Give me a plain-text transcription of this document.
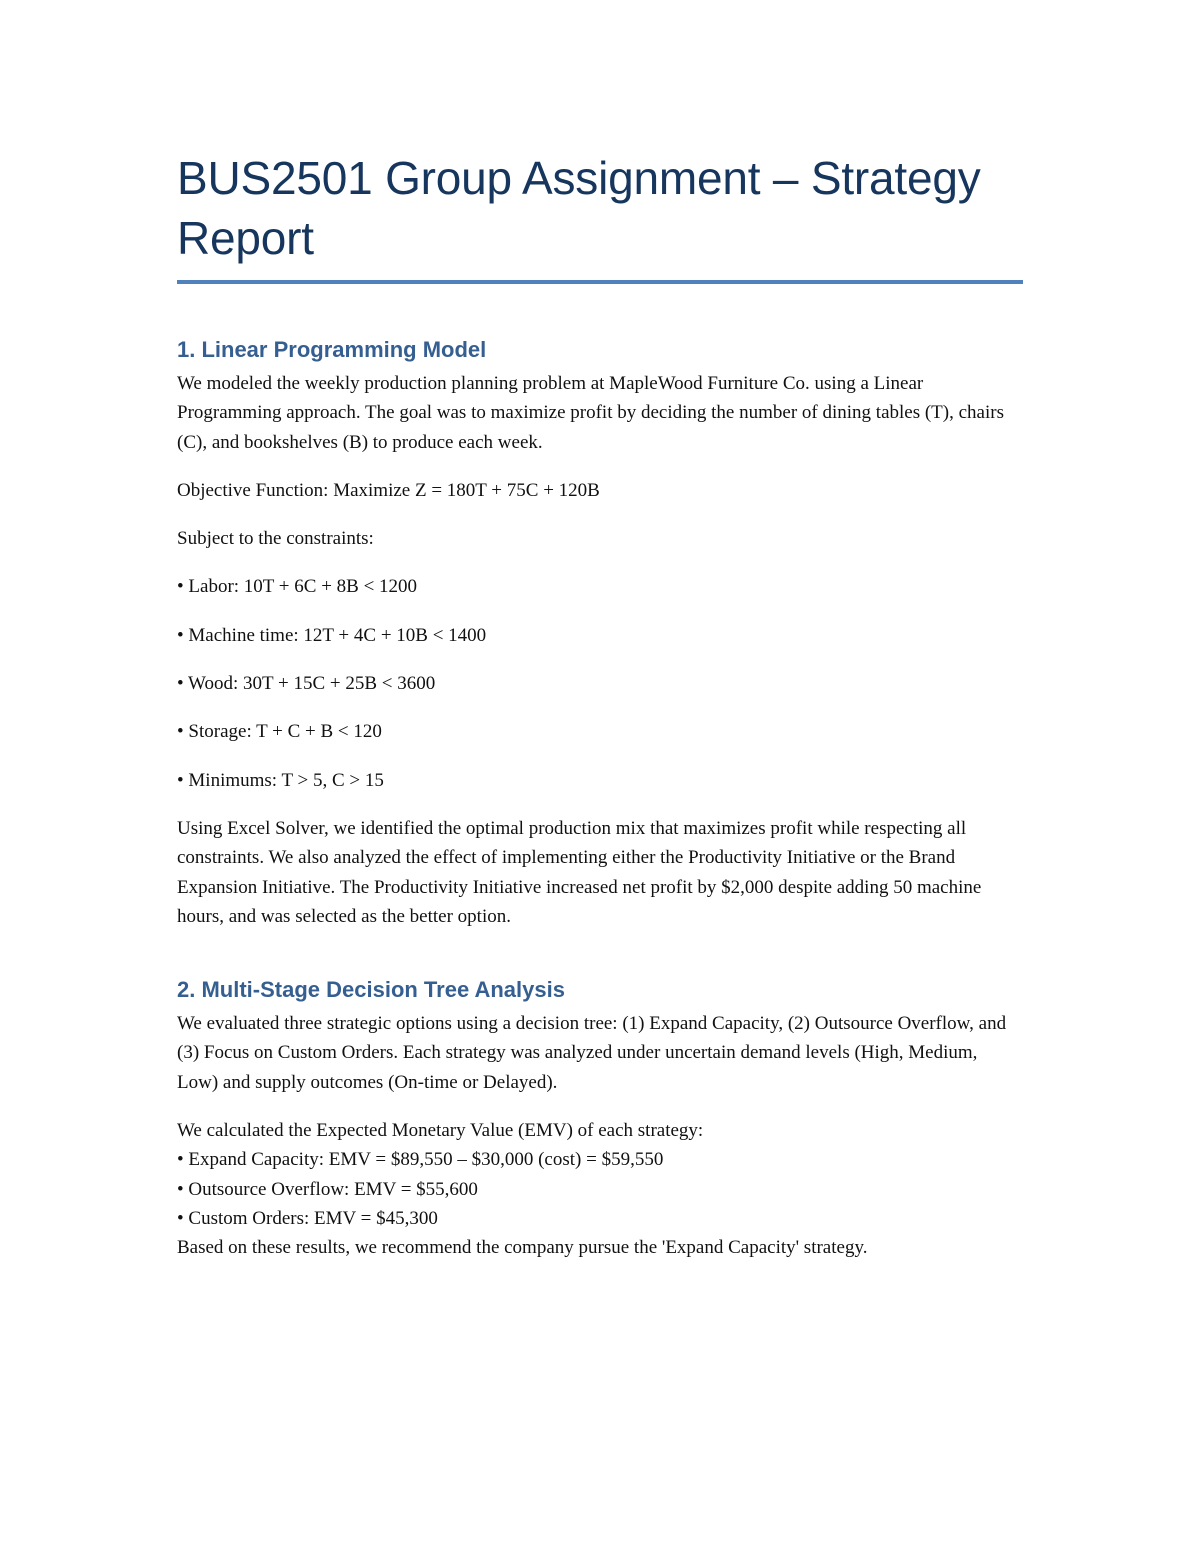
BUS2501 Group Assignment – Strategy Report
1. Linear Programming Model

We modeled the weekly production planning problem at MapleWood Furniture Co. using a Linear Programming approach. The goal was to maximize profit by deciding the number of dining tables (T), chairs (C), and bookshelves (B) to produce each week.

Objective Function: Maximize Z = 180T + 75C + 120B

Subject to the constraints:

• Labor: 10T + 6C + 8B < 1200

• Machine time: 12T + 4C + 10B < 1400

• Wood: 30T + 15C + 25B < 3600

• Storage: T + C + B < 120

• Minimums: T > 5, C > 15

Using Excel Solver, we identified the optimal production mix that maximizes profit while respecting all constraints. We also analyzed the effect of implementing either the Productivity Initiative or the Brand Expansion Initiative. The Productivity Initiative increased net profit by $2,000 despite adding 50 machine hours, and was selected as the better option.

2. Multi-Stage Decision Tree Analysis

We evaluated three strategic options using a decision tree: (1) Expand Capacity, (2) Outsource Overflow, and (3) Focus on Custom Orders. Each strategy was analyzed under uncertain demand levels (High, Medium, Low) and supply outcomes (On-time or Delayed).

We calculated the Expected Monetary Value (EMV) of each strategy:

• Expand Capacity: EMV = $89,550 – $30,000 (cost) = $59,550

• Outsource Overflow: EMV = $55,600

• Custom Orders: EMV = $45,300

Based on these results, we recommend the company pursue the 'Expand Capacity' strategy.
